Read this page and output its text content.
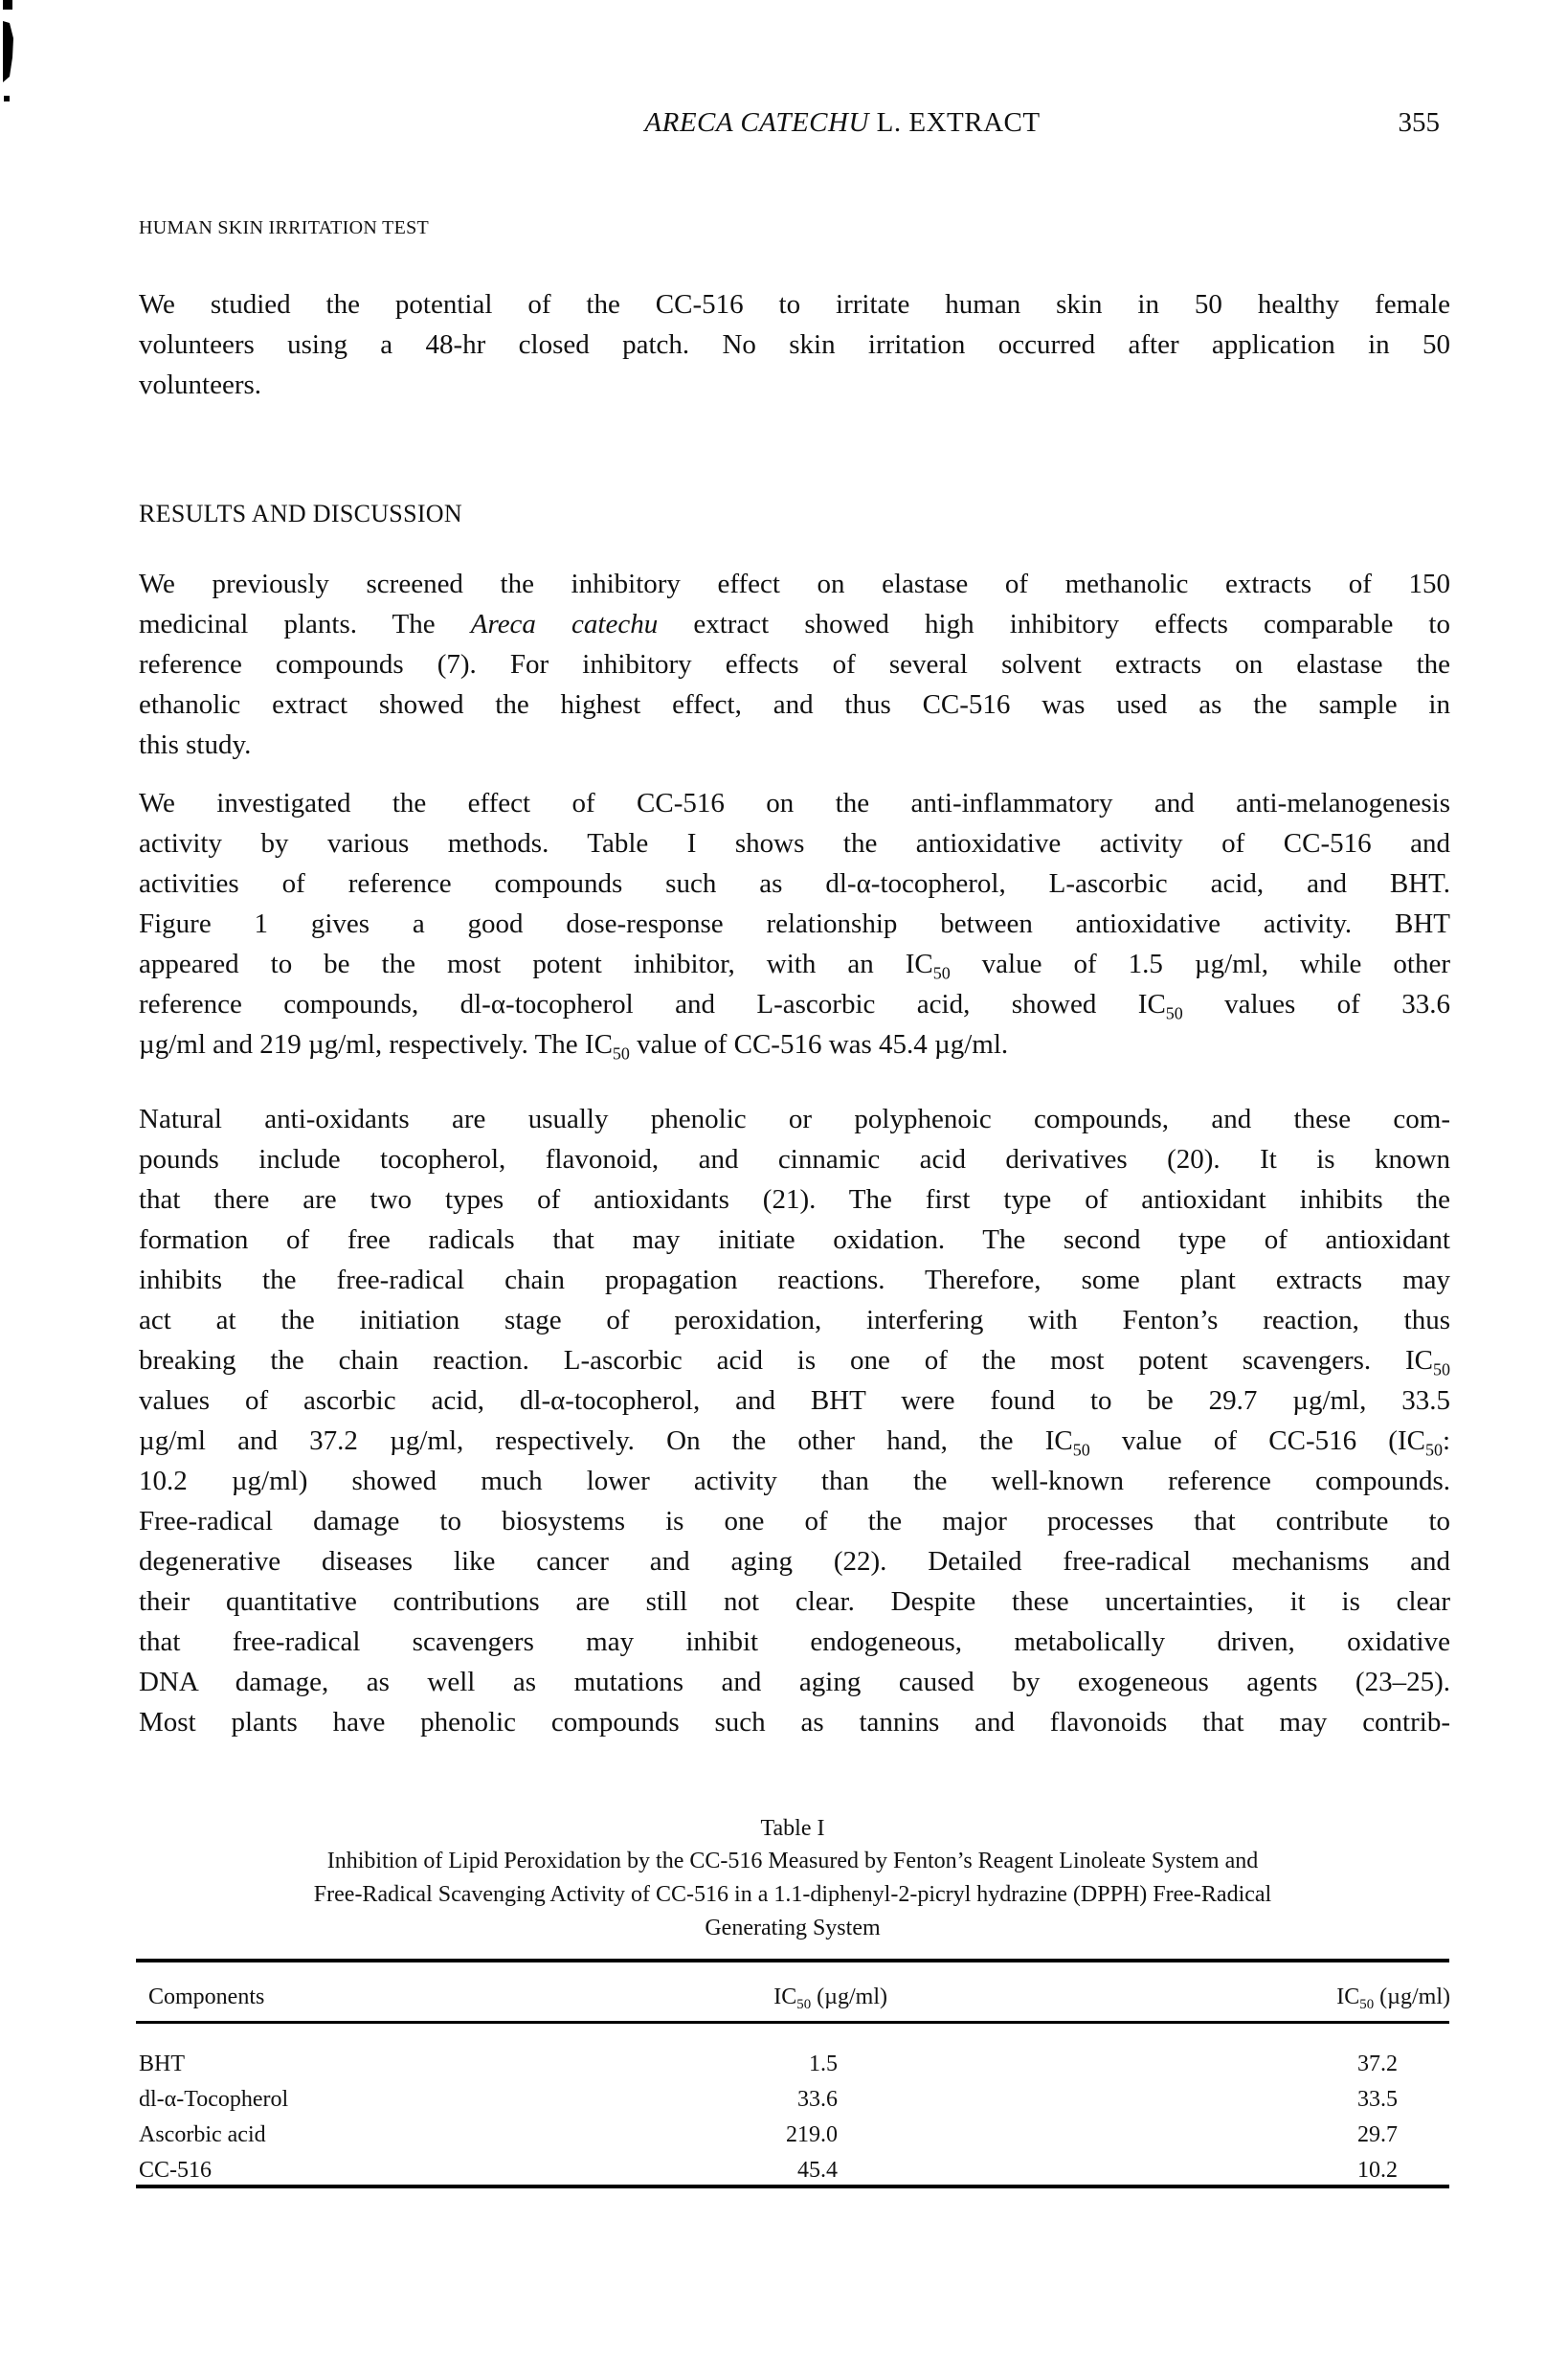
ARECA CATECHU L. EXTRACT	355
HUMAN SKIN IRRITATION TEST
We studied the potential of the CC-516 to irritate human skin in 50 healthy female
volunteers using a 48-hr closed patch. No skin irritation occurred after application in 50
volunteers.
RESULTS AND DISCUSSION
We previously screened the inhibitory effect on elastase of methanolic extracts of 150
medicinal plants. The Areca catechu extract showed high inhibitory effects comparable to
reference compounds (7). For inhibitory effects of several solvent extracts on elastase the
ethanolic extract showed the highest effect, and thus CC-516 was used as the sample in
this study.
We investigated the effect of CC-516 on the anti-inflammatory and anti-melanogenesis
activity by various methods. Table I shows the antioxidative activity of CC-516 and
activities of reference compounds such as dl-α-tocopherol, L-ascorbic acid, and BHT.
Figure 1 gives a good dose-response relationship between antioxidative activity. BHT
appeared to be the most potent inhibitor, with an $IC_{50}$ value of 1.5 µg/ml, while other
reference compounds, dl-α-tocopherol and L-ascorbic acid, showed $IC_{50}$ values of 33.6
µg/ml and 219 µg/ml, respectively. The $IC_{50}$ value of CC-516 was 45.4 µg/ml.
Natural anti-oxidants are usually phenolic or polyphenoic compounds, and these com-
pounds include tocopherol, flavonoid, and cinnamic acid derivatives (20). It is known
that there are two types of antioxidants (21). The first type of antioxidant inhibits the
formation of free radicals that may initiate oxidation. The second type of antioxidant
inhibits the free-radical chain propagation reactions. Therefore, some plant extracts may
act at the initiation stage of peroxidation, interfering with Fenton’s reaction, thus
breaking the chain reaction. L-ascorbic acid is one of the most potent scavengers. $IC_{50}$
values of ascorbic acid, dl-α-tocopherol, and BHT were found to be 29.7 µg/ml, 33.5
µg/ml and 37.2 µg/ml, respectively. On the other hand, the $IC_{50}$ value of CC-516 ($IC_{50}$:
10.2 µg/ml) showed much lower activity than the well-known reference compounds.
Free-radical damage to biosystems is one of the major processes that contribute to
degenerative diseases like cancer and aging (22). Detailed free-radical mechanisms and
their quantitative contributions are still not clear. Despite these uncertainties, it is clear
that free-radical scavengers may inhibit endogeneous, metabolically driven, oxidative
DNA damage, as well as mutations and aging caused by exogeneous agents (23–25).
Most plants have phenolic compounds such as tannins and flavonoids that may contrib-
Table I
Inhibition of Lipid Peroxidation by the CC-516 Measured by Fenton’s Reagent Linoleate System and
Free-Radical Scavenging Activity of CC-516 in a 1.1-diphenyl-2-picryl hydrazine (DPPH) Free-Radical
Generating System
Components	$IC_{50}$ (µg/ml)	$IC_{50}$ (µg/ml)
BHT	1.5	37.2
dl-α-Tocopherol	33.6	33.5
Ascorbic acid	219.0	29.7
CC-516	45.4	10.2
